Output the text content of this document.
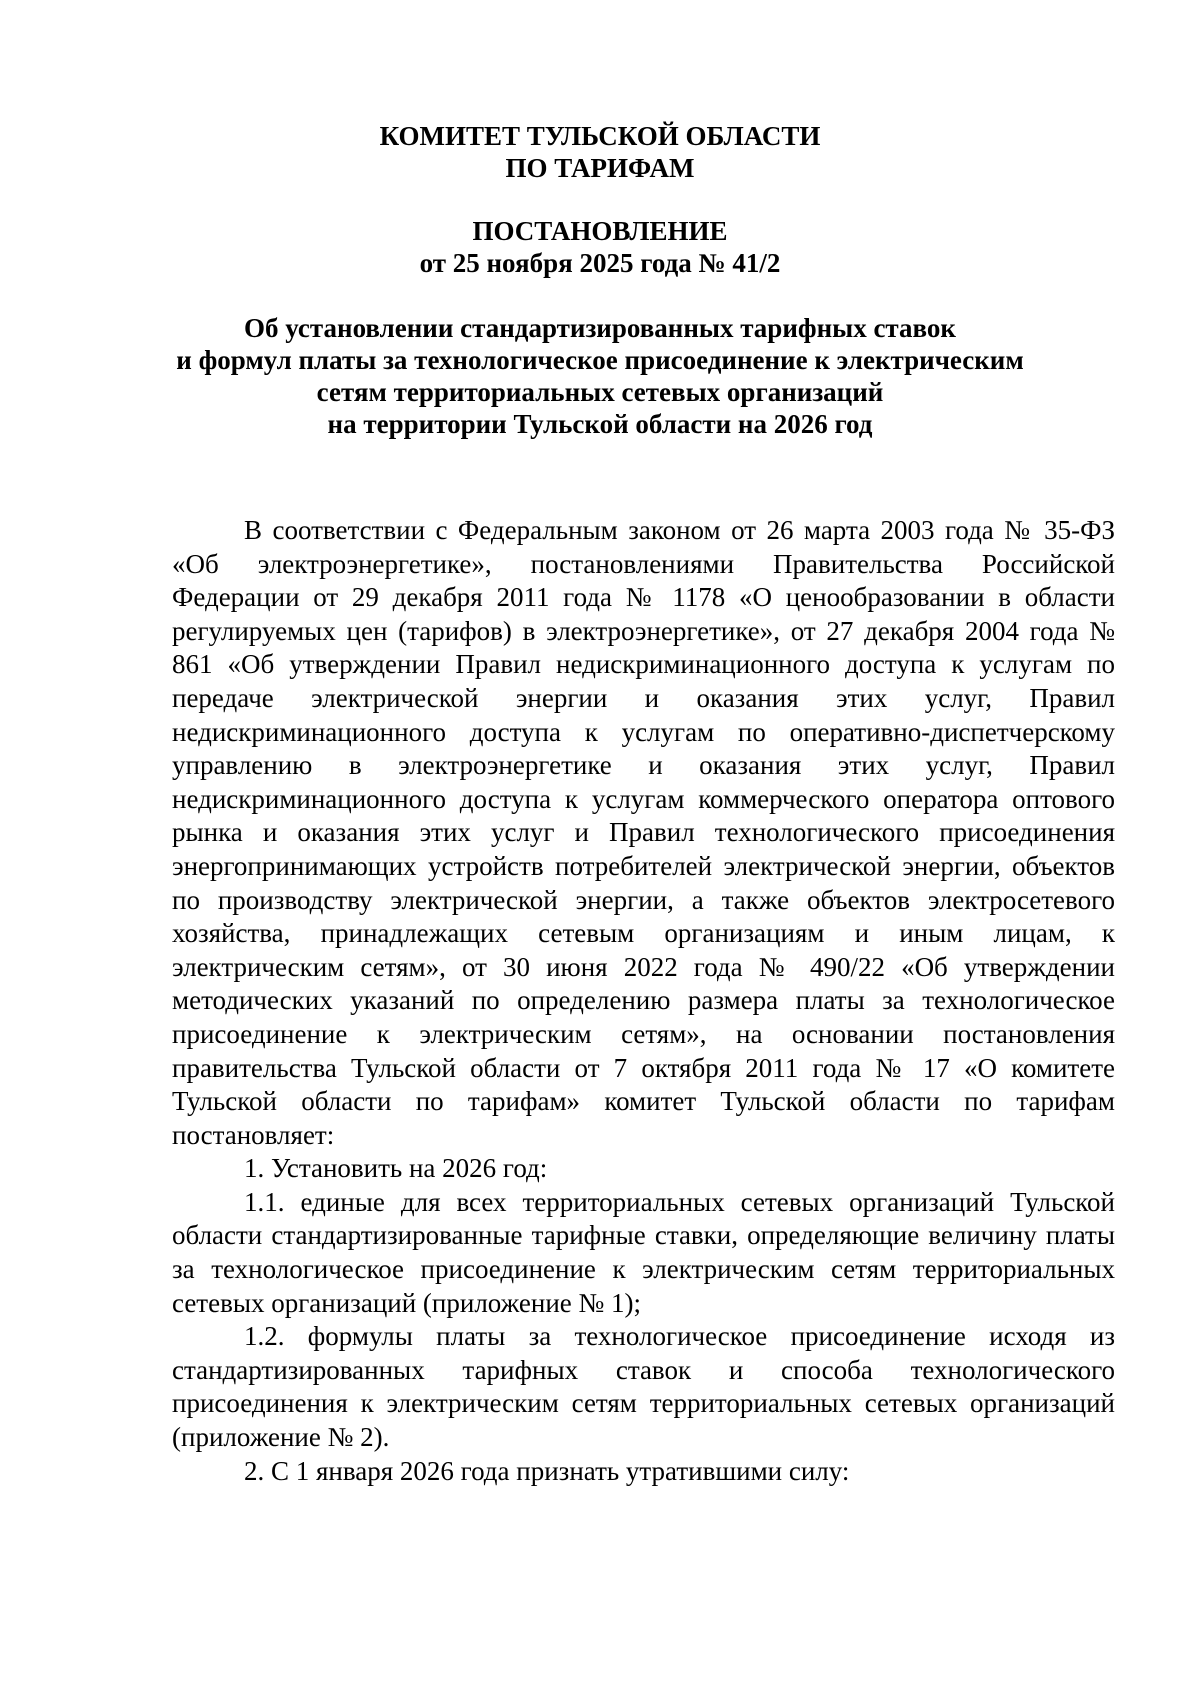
КОМИТЕТ ТУЛЬСКОЙ ОБЛАСТИ
ПО ТАРИФАМ
ПОСТАНОВЛЕНИЕ
от 25 ноября 2025 года № 41/2
Об установлении стандартизированных тарифных ставок
и формул платы за технологическое присоединение к электрическим
сетям территориальных сетевых организаций
на территории Тульской области на 2026 год

В соответствии с Федеральным законом от 26 марта 2003 года № 35-ФЗ «Об электроэнергетике», постановлениями Правительства Российской Федерации от 29 декабря 2011 года № 1178 «О ценообразовании в области регулируемых цен (тарифов) в электроэнергетике», от 27 декабря 2004 года № 861 «Об утверждении Правил недискриминационного доступа к услугам по передаче электрической энергии и оказания этих услуг, Правил недискриминационного доступа к услугам по оперативно-диспетчерскому управлению в электроэнергетике и оказания этих услуг, Правил недискриминационного доступа к услугам коммерческого оператора оптового рынка и оказания этих услуг и Правил технологического присоединения энергопринимающих устройств потребителей электрической энергии, объектов по производству электрической энергии, а также объектов электросетевого хозяйства, принадлежащих сетевым организациям и иным лицам, к электрическим сетям», от 30 июня 2022 года № 490/22 «Об утверждении методических указаний по определению размера платы за технологическое присоединение к электрическим сетям», на основании постановления правительства Тульской области от 7 октября 2011 года № 17 «О комитете Тульской области по тарифам» комитет Тульской области по тарифам постановляет:

1. Установить на 2026 год:

1.1. единые для всех территориальных сетевых организаций Тульской области стандартизированные тарифные ставки, определяющие величину платы за технологическое присоединение к электрическим сетям территориальных сетевых организаций (приложение № 1);

1.2. формулы платы за технологическое присоединение исходя из стандартизированных тарифных ставок и способа технологического присоединения к электрическим сетям территориальных сетевых организаций (приложение № 2).

2. С 1 января 2026 года признать утратившими силу:
